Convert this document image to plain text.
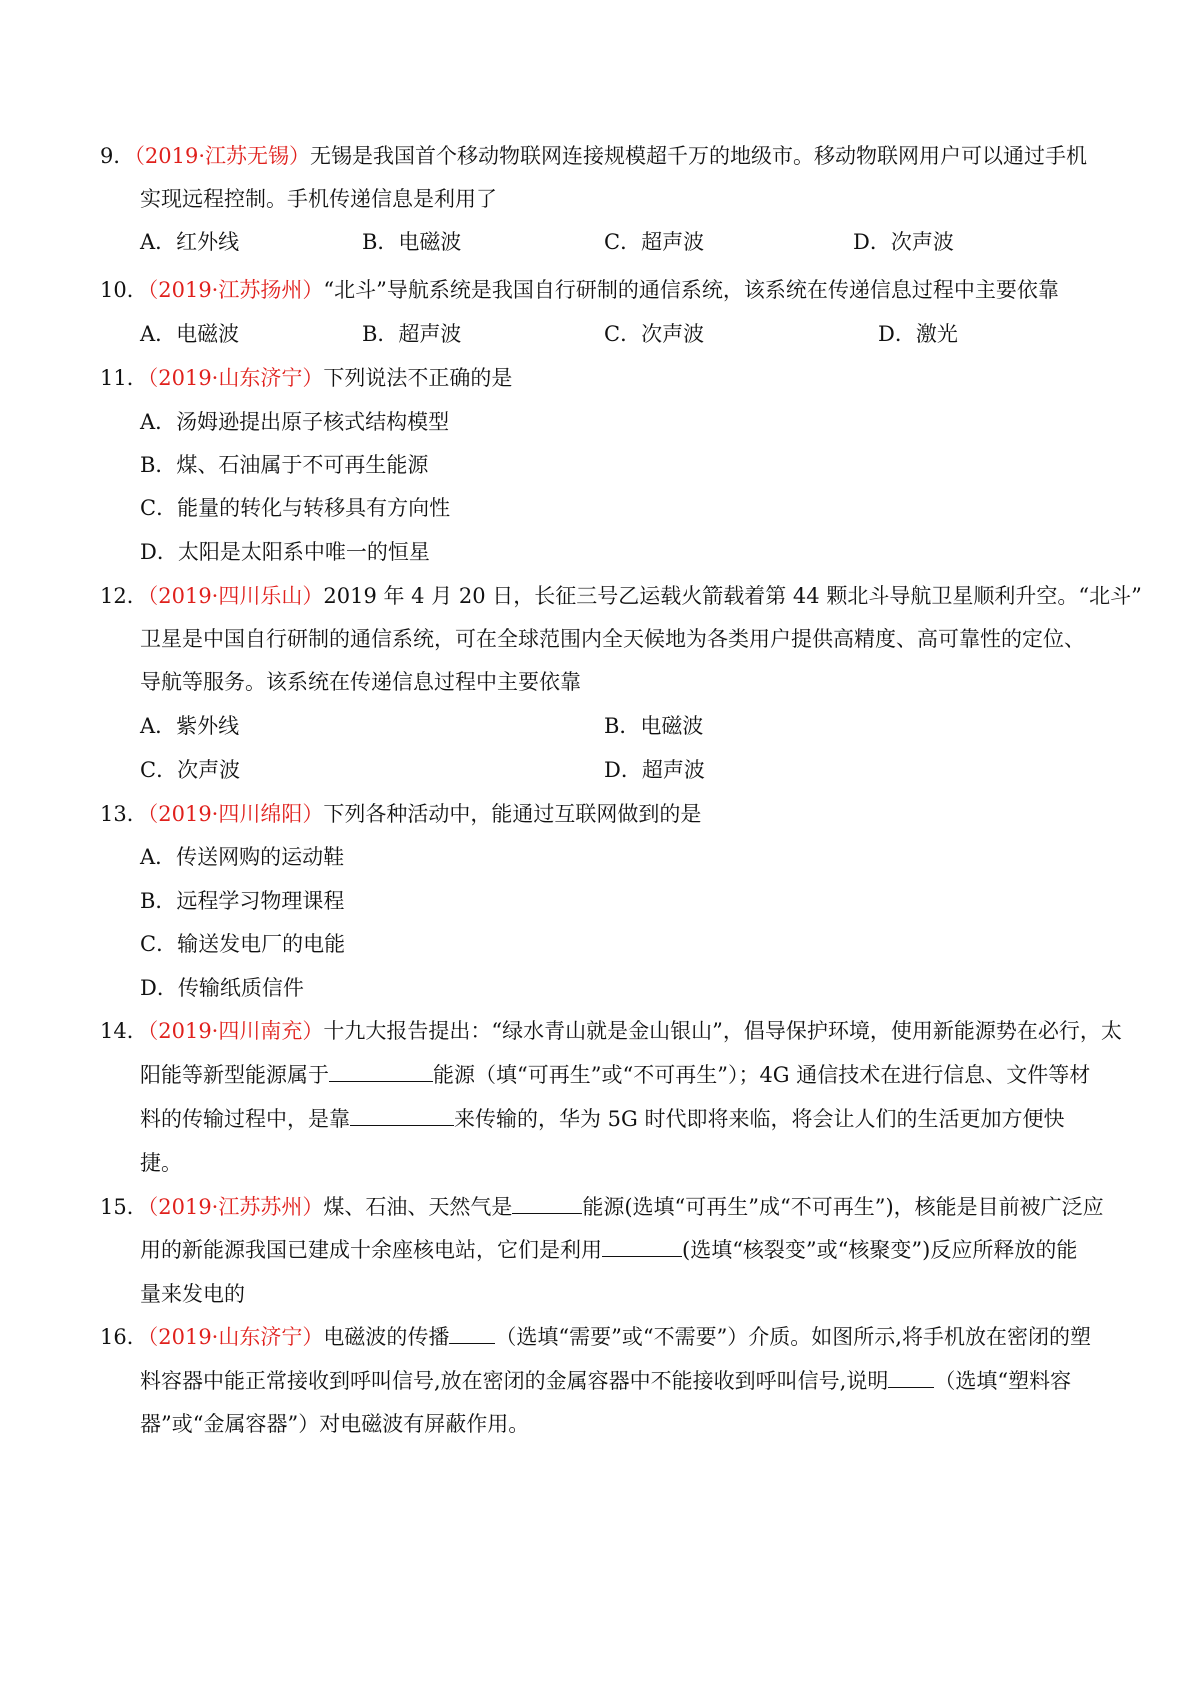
9．（2019·江苏无锡）无锡是我国首个移动物联网连接规模超千万的地级市。移动物联网用户可以通过手机
实现远程控制。手机传递信息是利用了
A．红外线	B．电磁波	C．超声波	D．次声波
10．（2019·江苏扬州）“北斗”导航系统是我国自行研制的通信系统，该系统在传递信息过程中主要依靠
A．电磁波	B．超声波	C．次声波	D．激光
11．（2019·山东济宁）下列说法不正确的是
A．汤姆逊提出原子核式结构模型
B．煤、石油属于不可再生能源
C．能量的转化与转移具有方向性
D．太阳是太阳系中唯一的恒星
12．（2019·四川乐山）2019 年 4 月 20 日，长征三号乙运载火箭载着第 44 颗北斗导航卫星顺利升空。“北斗”
卫星是中国自行研制的通信系统，可在全球范围内全天候地为各类用户提供高精度、高可靠性的定位、
导航等服务。该系统在传递信息过程中主要依靠
A．紫外线	B．电磁波
C．次声波	D．超声波
13．（2019·四川绵阳）下列各种活动中，能通过互联网做到的是
A．传送网购的运动鞋
B．远程学习物理课程
C．输送发电厂的电能
D．传输纸质信件
14．（2019·四川南充）十九大报告提出：“绿水青山就是金山银山”，倡导保护环境，使用新能源势在必行，太
阳能等新型能源属于	能源（填“可再生”或“不可再生”）；4G 通信技术在进行信息、文件等材
料的传输过程中，是靠	来传输的，华为 5G 时代即将来临，将会让人们的生活更加方便快
捷。
15．（2019·江苏苏州）煤、石油、天然气是	能源(选填“可再生”成“不可再生”)，核能是目前被广泛应
用的新能源我国已建成十余座核电站，它们是利用	(选填“核裂变”或“核聚变”)反应所释放的能
量来发电的
16．（2019·山东济宁）电磁波的传播 （选填“需要”或“不需要”）介质。如图所示,将手机放在密闭的塑
料容器中能正常接收到呼叫信号,放在密闭的金属容器中不能接收到呼叫信号,说明 （选填“塑料容
器”或“金属容器”）对电磁波有屏蔽作用。
